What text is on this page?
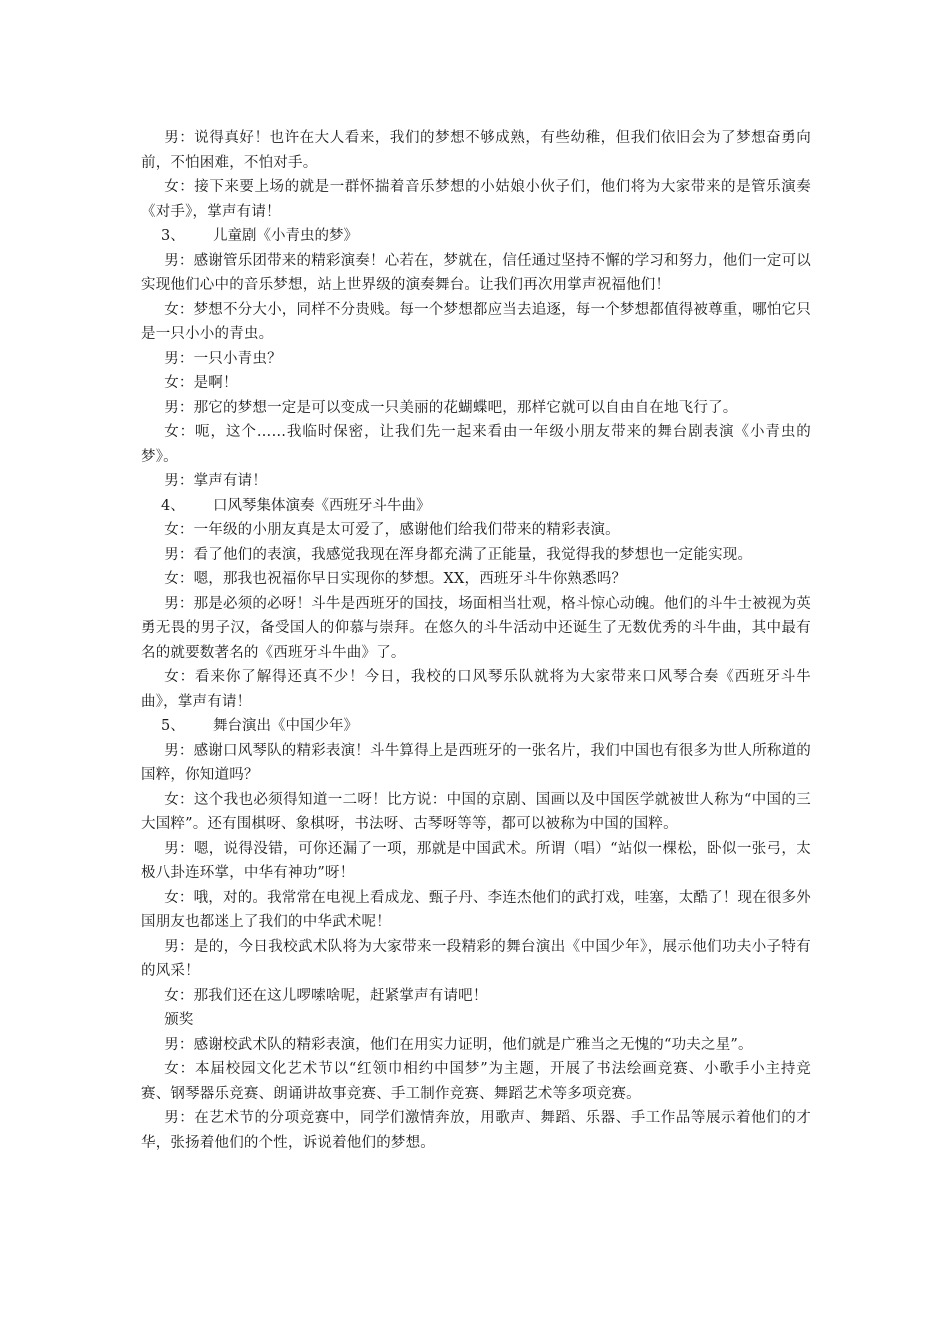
男：说得真好！也许在大人看来，我们的梦想不够成熟，有些幼稚，但我们依旧会为了梦想奋勇向前，不怕困难，不怕对手。

女：接下来要上场的就是一群怀揣着音乐梦想的小姑娘小伙子们，他们将为大家带来的是管乐演奏《对手》，掌声有请！

3、 儿童剧《小青虫的梦》

男：感谢管乐团带来的精彩演奏！心若在，梦就在，信任通过坚持不懈的学习和努力，他们一定可以实现他们心中的音乐梦想，站上世界级的演奏舞台。让我们再次用掌声祝福他们！

女：梦想不分大小，同样不分贵贱。每一个梦想都应当去追逐，每一个梦想都值得被尊重，哪怕它只是一只小小的青虫。

男：一只小青虫？

女：是啊！

男：那它的梦想一定是可以变成一只美丽的花蝴蝶吧，那样它就可以自由自在地飞行了。

女：呃，这个……我临时保密，让我们先一起来看由一年级小朋友带来的舞台剧表演《小青虫的梦》。

男：掌声有请！

4、 口风琴集体演奏《西班牙斗牛曲》

女：一年级的小朋友真是太可爱了，感谢他们给我们带来的精彩表演。

男：看了他们的表演，我感觉我现在浑身都充满了正能量，我觉得我的梦想也一定能实现。

女：嗯，那我也祝福你早日实现你的梦想。XX，西班牙斗牛你熟悉吗？

男：那是必须的必呀！斗牛是西班牙的国技，场面相当壮观，格斗惊心动魄。他们的斗牛士被视为英勇无畏的男子汉，备受国人的仰慕与崇拜。在悠久的斗牛活动中还诞生了无数优秀的斗牛曲，其中最有名的就要数著名的《西班牙斗牛曲》了。

女：看来你了解得还真不少！今日，我校的口风琴乐队就将为大家带来口风琴合奏《西班牙斗牛曲》，掌声有请！

5、 舞台演出《中国少年》

男：感谢口风琴队的精彩表演！斗牛算得上是西班牙的一张名片，我们中国也有很多为世人所称道的国粹，你知道吗？

女：这个我也必须得知道一二呀！比方说：中国的京剧、国画以及中国医学就被世人称为“中国的三大国粹”。还有围棋呀、象棋呀，书法呀、古琴呀等等，都可以被称为中国的国粹。

男：嗯，说得没错，可你还漏了一项，那就是中国武术。所谓（唱）“站似一棵松，卧似一张弓，太极八卦连环掌，中华有神功”呀！

女：哦，对的。我常常在电视上看成龙、甄子丹、李连杰他们的武打戏，哇塞，太酷了！现在很多外国朋友也都迷上了我们的中华武术呢！

男：是的，今日我校武术队将为大家带来一段精彩的舞台演出《中国少年》，展示他们功夫小子特有的风采！

女：那我们还在这儿啰嗦啥呢，赶紧掌声有请吧！

颁奖

男：感谢校武术队的精彩表演，他们在用实力证明，他们就是广雅当之无愧的“功夫之星”。

女：本届校园文化艺术节以“红领巾相约中国梦”为主题，开展了书法绘画竞赛、小歌手小主持竞赛、钢琴器乐竞赛、朗诵讲故事竞赛、手工制作竞赛、舞蹈艺术等多项竞赛。

男：在艺术节的分项竞赛中，同学们激情奔放，用歌声、舞蹈、乐器、手工作品等展示着他们的才华，张扬着他们的个性，诉说着他们的梦想。
